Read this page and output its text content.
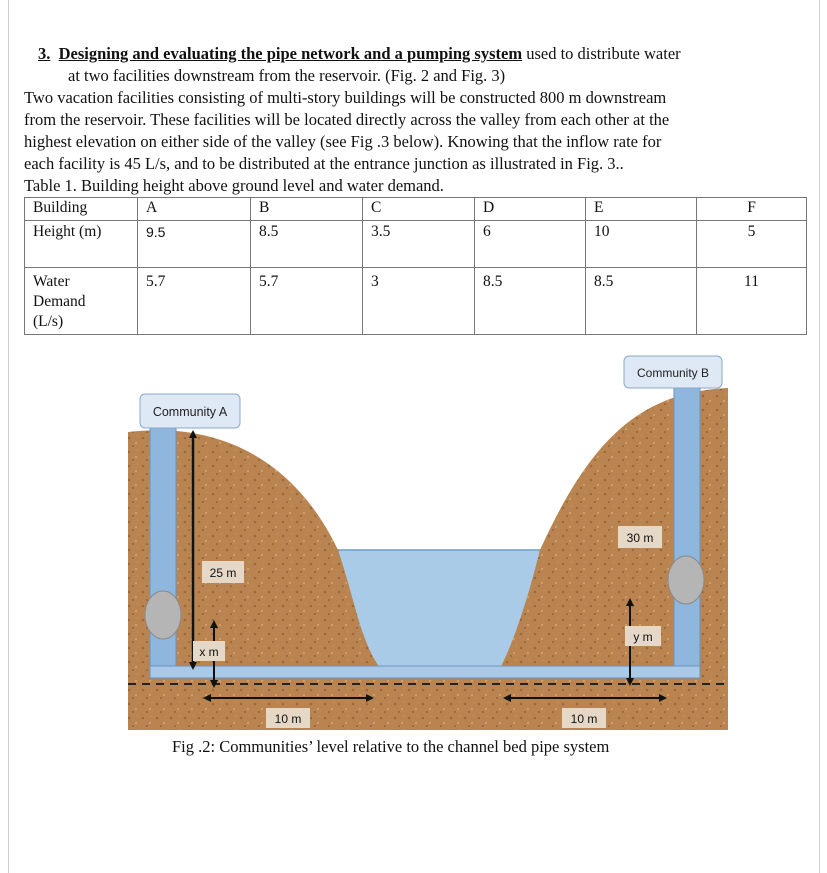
3. Designing and evaluating the pipe network and a pumping system used to distribute water
at two facilities downstream from the reservoir. (Fig. 2 and Fig. 3)
Two vacation facilities consisting of multi-story buildings will be constructed 800 m downstream
from the reservoir. These facilities will be located directly across the valley from each other at the
highest elevation on either side of the valley (see Fig .3 below). Knowing that the inflow rate for
each facility is 45 L/s, and to be distributed at the entrance junction as illustrated in Fig. 3..
Table 1. Building height above ground level and water demand.
Building	A	B	C	D	E	F
Height (m)	9.5	8.5	3.5	6	10	5

Water
Demand
(L/s)	5.7	5.7	3	8.5	8.5	11
Community A
Community B
25 m
x m
30 m
y m
10 m	10 m
Fig .2: Communities’ level relative to the channel bed pipe system
